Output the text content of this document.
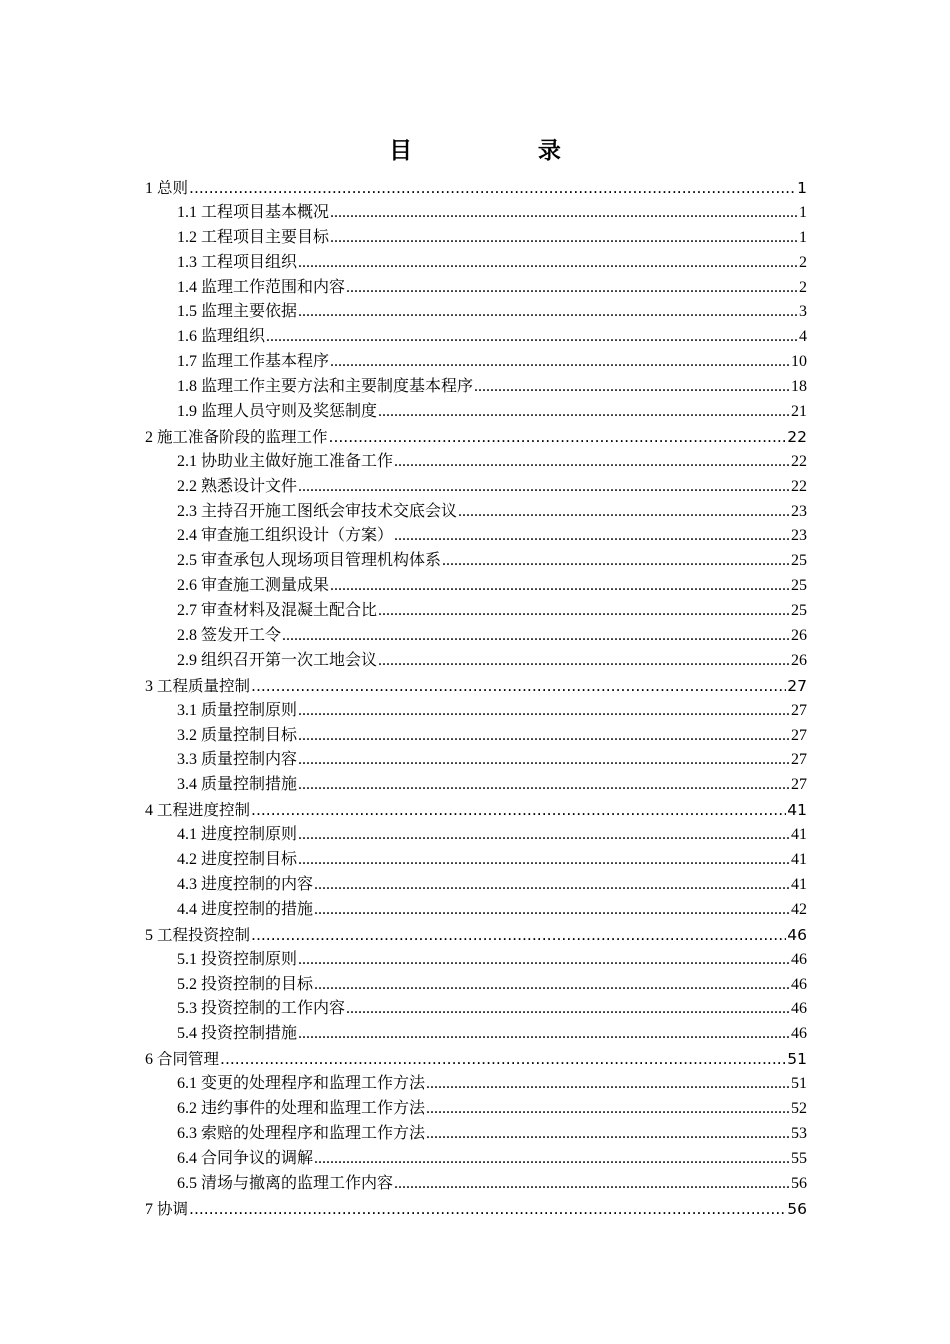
目 录
1 总则 .....	1
1.1 工程项目基本概况 .....	1
1.2 工程项目主要目标 .....	1
1.3 工程项目组织 .....	2
1.4 监理工作范围和内容 .....	2
1.5 监理主要依据 .....	3
1.6 监理组织 .....	4
1.7 监理工作基本程序 .....	10
1.8 监理工作主要方法和主要制度基本程序 .....	18
1.9 监理人员守则及奖惩制度 .....	21
2 施工准备阶段的监理工作 .....	22
2.1 协助业主做好施工准备工作 .....	22
2.2 熟悉设计文件 .....	22
2.3 主持召开施工图纸会审技术交底会议 .....	23
2.4 审查施工组织设计（方案） .....	23
2.5 审查承包人现场项目管理机构体系 .....	25
2.6 审查施工测量成果 .....	25
2.7 审查材料及混凝土配合比 .....	25
2.8 签发开工令 .....	26
2.9 组织召开第一次工地会议 .....	26
3 工程质量控制 .....	27
3.1 质量控制原则 .....	27
3.2 质量控制目标 .....	27
3.3 质量控制内容 .....	27
3.4 质量控制措施 .....	27
4 工程进度控制 .....	41
4.1 进度控制原则 .....	41
4.2 进度控制目标 .....	41
4.3 进度控制的内容 .....	41
4.4 进度控制的措施 .....	42
5 工程投资控制 .....	46
5.1 投资控制原则 .....	46
5.2 投资控制的目标 .....	46
5.3 投资控制的工作内容 .....	46
5.4 投资控制措施 .....	46
6 合同管理 .....	51
6.1 变更的处理程序和监理工作方法 .....	51
6.2 违约事件的处理和监理工作方法 .....	52
6.3 索赔的处理程序和监理工作方法 .....	53
6.4 合同争议的调解 .....	55
6.5 清场与撤离的监理工作内容 .....	56
7 协调 .....	56
